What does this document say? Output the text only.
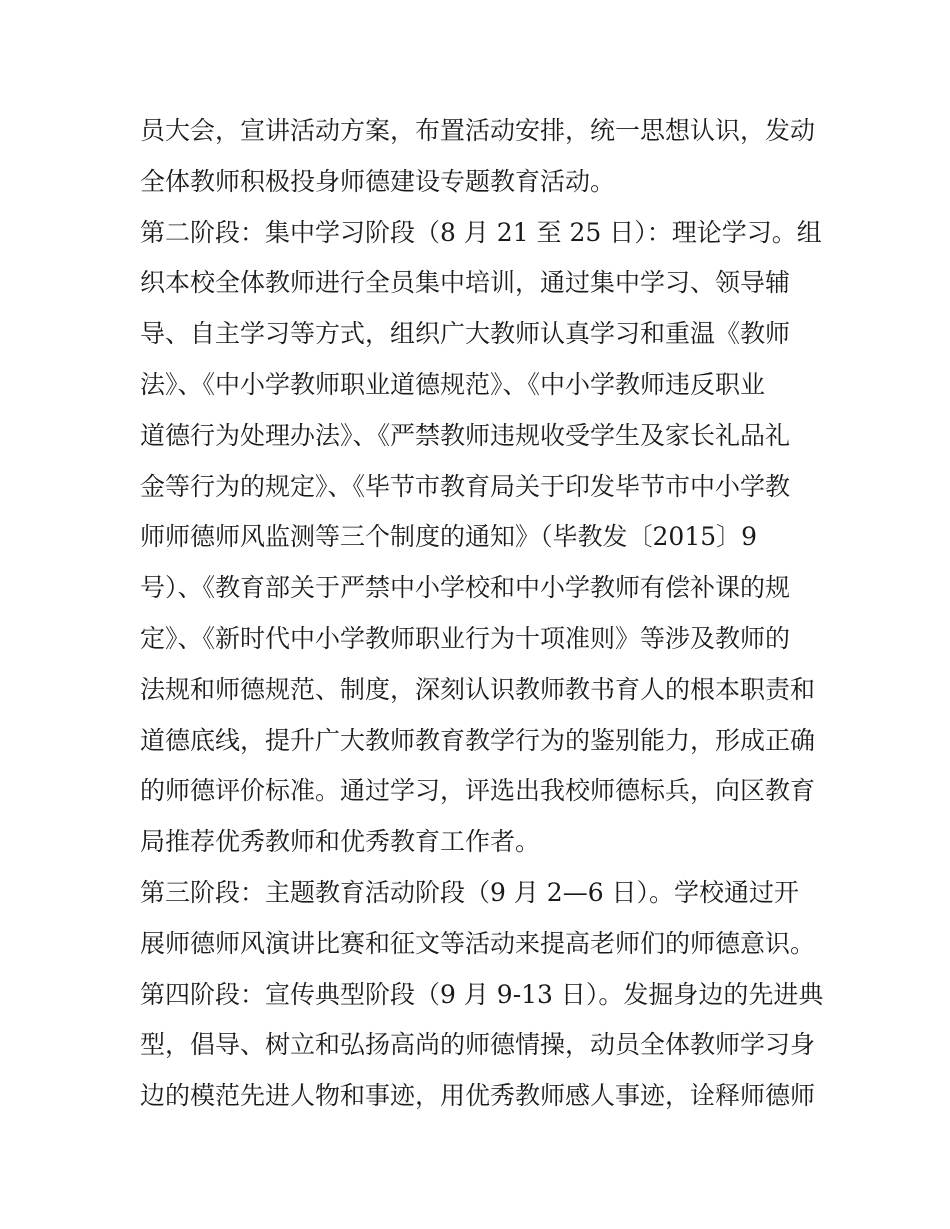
员大会，宣讲活动方案，布置活动安排，统一思想认识，发动
全体教师积极投身师德建设专题教育活动。
第二阶段：集中学习阶段（8 月 21 至 25 日）：理论学习。组
织本校全体教师进行全员集中培训，通过集中学习、领导辅
导、自主学习等方式，组织广大教师认真学习和重温《教师
法》、《中小学教师职业道德规范》、《中小学教师违反职业
道德行为处理办法》、《严禁教师违规收受学生及家长礼品礼
金等行为的规定》、《毕节市教育局关于印发毕节市中小学教
师师德师风监测等三个制度的通知》（毕教发〔2015〕9
号）、《教育部关于严禁中小学校和中小学教师有偿补课的规
定》、《新时代中小学教师职业行为十项准则》等涉及教师的
法规和师德规范、制度，深刻认识教师教书育人的根本职责和
道德底线，提升广大教师教育教学行为的鉴别能力，形成正确
的师德评价标准。通过学习，评选出我校师德标兵，向区教育
局推荐优秀教师和优秀教育工作者。
第三阶段：主题教育活动阶段（9 月 2—6 日）。学校通过开
展师德师风演讲比赛和征文等活动来提高老师们的师德意识。
第四阶段：宣传典型阶段（9 月 9-13 日）。发掘身边的先进典
型，倡导、树立和弘扬高尚的师德情操，动员全体教师学习身
边的模范先进人物和事迹，用优秀教师感人事迹，诠释师德师
